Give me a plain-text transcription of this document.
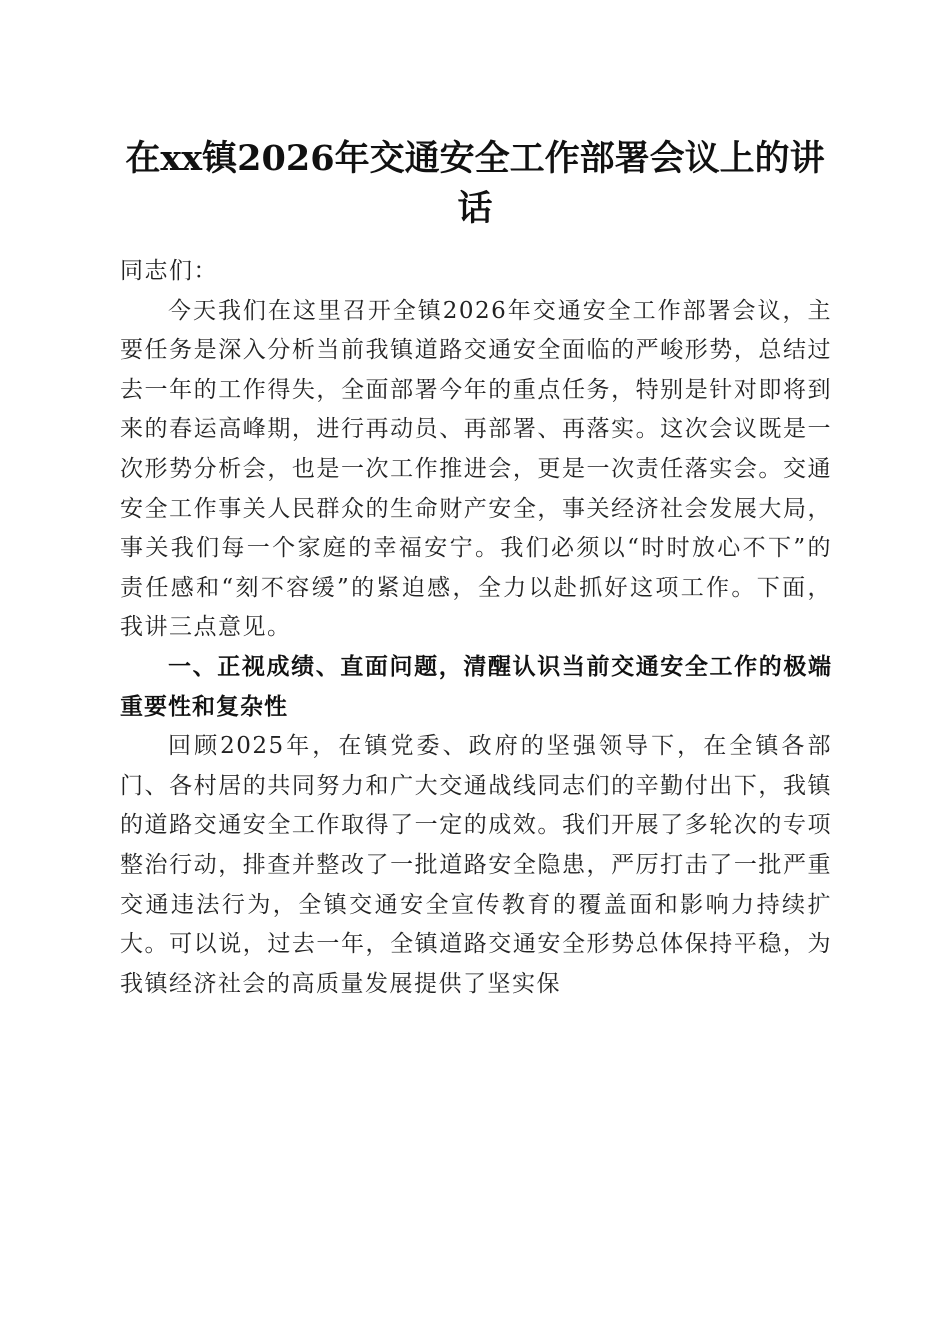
在xx镇2026年交通安全工作部署会议上的讲话

同志们：

今天我们在这里召开全镇2026年交通安全工作部署会议，主要任务是深入分析当前我镇道路交通安全面临的严峻形势，总结过去一年的工作得失，全面部署今年的重点任务，特别是针对即将到来的春运高峰期，进行再动员、再部署、再落实。这次会议既是一次形势分析会，也是一次工作推进会，更是一次责任落实会。交通安全工作事关人民群众的生命财产安全，事关经济社会发展大局，事关我们每一个家庭的幸福安宁。我们必须以“时时放心不下”的责任感和“刻不容缓”的紧迫感，全力以赴抓好这项工作。下面，我讲三点意见。

一、正视成绩、直面问题，清醒认识当前交通安全工作的极端重要性和复杂性

回顾2025年，在镇党委、政府的坚强领导下，在全镇各部门、各村居的共同努力和广大交通战线同志们的辛勤付出下，我镇的道路交通安全工作取得了一定的成效。我们开展了多轮次的专项整治行动，排查并整改了一批道路安全隐患，严厉打击了一批严重交通违法行为，全镇交通安全宣传教育的覆盖面和影响力持续扩大。可以说，过去一年，全镇道路交通安全形势总体保持平稳，为我镇经济社会的高质量发展提供了坚实保
